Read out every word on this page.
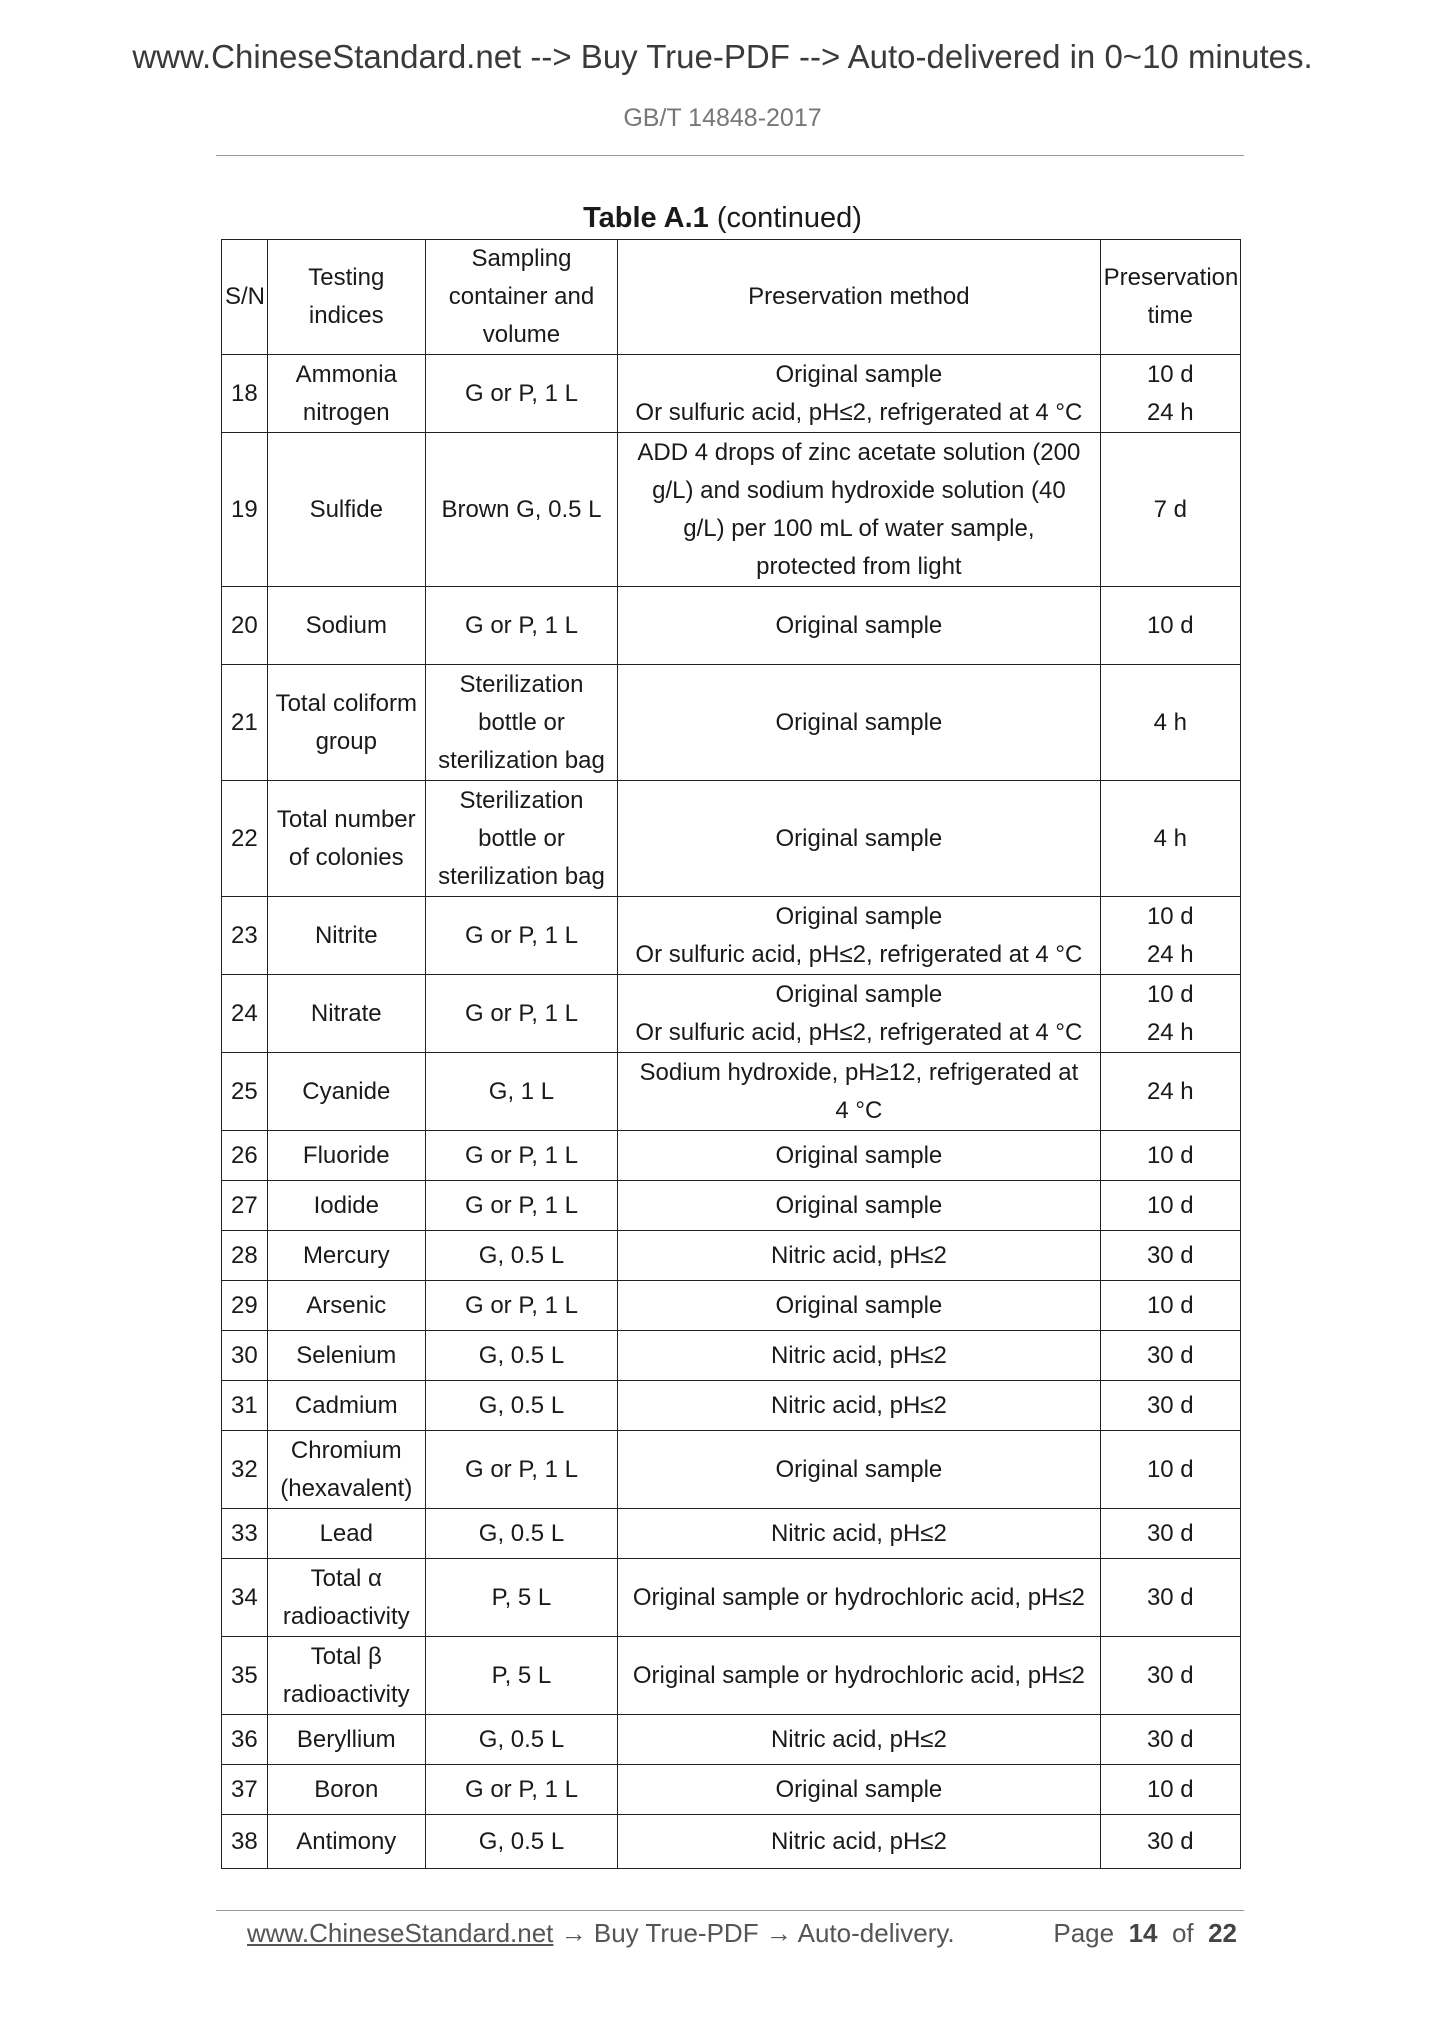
www.ChineseStandard.net --> Buy True-PDF --> Auto-delivered in 0~10 minutes.
GB/T 14848-2017
Table A.1 (continued)
S/N	Testing
indices	Sampling
container and
volume	Preservation method	Preservation
time

18	Ammonia
nitrogen	G or P, 1 L	Original sample
Or sulfuric acid, pH≤2, refrigerated at 4 °C	10 d
24 h

19	Sulfide	Brown G, 0.5 L	ADD 4 drops of zinc acetate solution (200
g/L) and sodium hydroxide solution (40
g/L) per 100 mL of water sample,
protected from light	7 d

20	Sodium	G or P, 1 L	Original sample	10 d

21	Total coliform
group	Sterilization
bottle or
sterilization bag	Original sample	4 h

22	Total number
of colonies	Sterilization
bottle or
sterilization bag	Original sample	4 h

23	Nitrite	G or P, 1 L	Original sample
Or sulfuric acid, pH≤2, refrigerated at 4 °C	10 d
24 h

24	Nitrate	G or P, 1 L	Original sample
Or sulfuric acid, pH≤2, refrigerated at 4 °C	10 d
24 h

25	Cyanide	G, 1 L	Sodium hydroxide, pH≥12, refrigerated at
4 °C	24 h

26	Fluoride	G or P, 1 L	Original sample	10 d

27	Iodide	G or P, 1 L	Original sample	10 d

28	Mercury	G, 0.5 L	Nitric acid, pH≤2	30 d

29	Arsenic	G or P, 1 L	Original sample	10 d

30	Selenium	G, 0.5 L	Nitric acid, pH≤2	30 d

31	Cadmium	G, 0.5 L	Nitric acid, pH≤2	30 d

32	Chromium
(hexavalent)	G or P, 1 L	Original sample	10 d

33	Lead	G, 0.5 L	Nitric acid, pH≤2	30 d

34	Total α
radioactivity	P, 5 L	Original sample or hydrochloric acid, pH≤2	30 d

35	Total β
radioactivity	P, 5 L	Original sample or hydrochloric acid, pH≤2	30 d

36	Beryllium	G, 0.5 L	Nitric acid, pH≤2	30 d

37	Boron	G or P, 1 L	Original sample	10 d

38	Antimony	G, 0.5 L	Nitric acid, pH≤2	30 d
www.ChineseStandard.net → Buy True-PDF → Auto-delivery.	Page 14 of 22
